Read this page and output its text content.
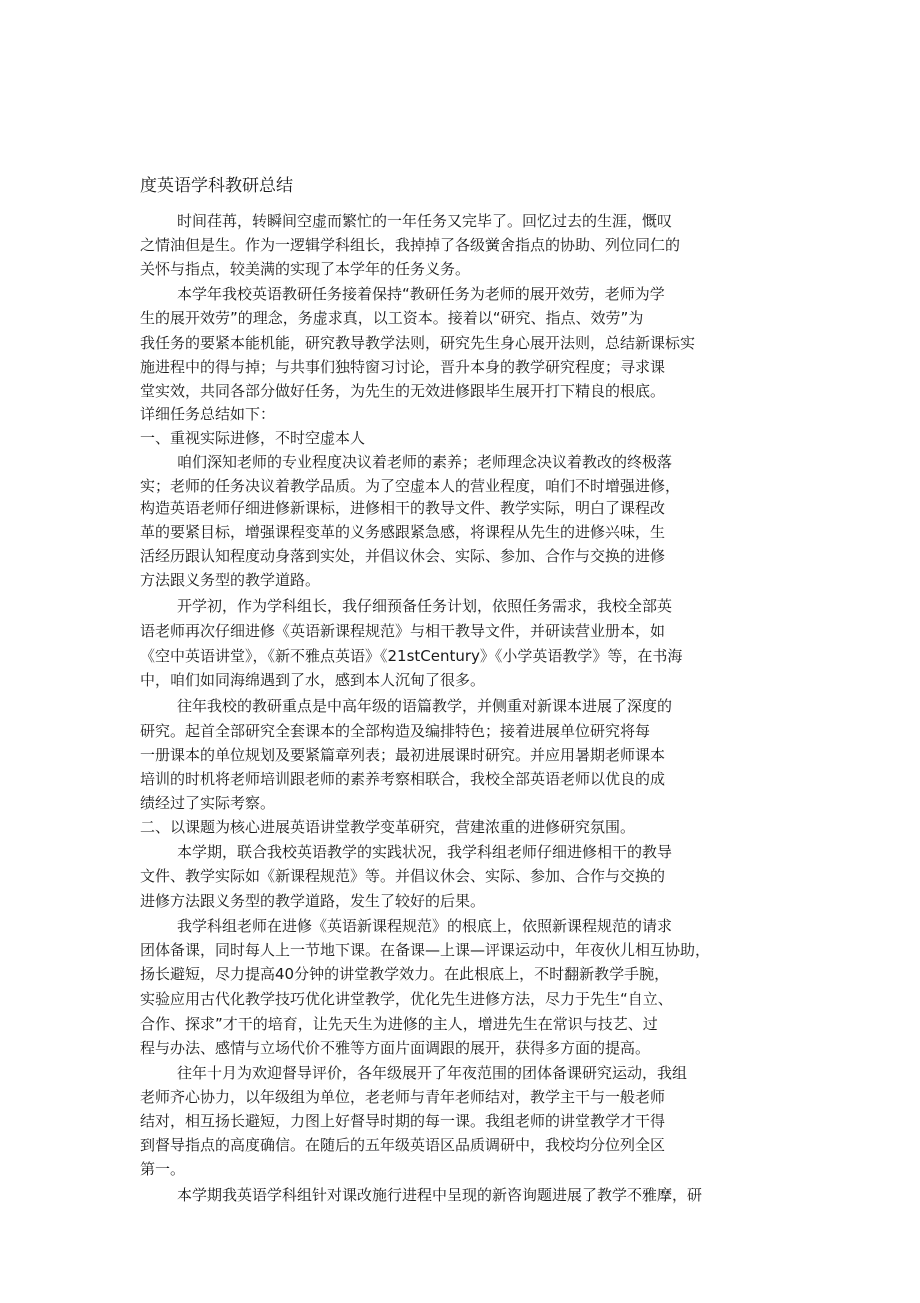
度英语学科教研总结
时间荏苒，转瞬间空虚而繁忙的一年任务又完毕了。回忆过去的生涯，慨叹
之情油但是生。作为一逻辑学科组长，我掉掉了各级黉舍指点的协助、列位同仁的
关怀与指点，较美满的实现了本学年的任务义务。
本学年我校英语教研任务接着保持“教研任务为老师的展开效劳，老师为学
生的展开效劳”的理念，务虚求真，以工资本。接着以“研究、指点、效劳”为
我任务的要紧本能机能，研究教导教学法则，研究先生身心展开法则，总结新课标实
施进程中的得与掉；与共事们独特窗习讨论，晋升本身的教学研究程度；寻求课
堂实效，共同各部分做好任务，为先生的无效进修跟毕生展开打下精良的根底。
详细任务总结如下：
一、重视实际进修，不时空虚本人
咱们深知老师的专业程度决议着老师的素养；老师理念决议着教改的终极落
实；老师的任务决议着教学品质。为了空虚本人的营业程度，咱们不时增强进修，
构造英语老师仔细进修新课标，进修相干的教导文件、教学实际，明白了课程改
革的要紧目标，增强课程变革的义务感跟紧急感，将课程从先生的进修兴味，生
活经历跟认知程度动身落到实处，并倡议休会、实际、参加、合作与交换的进修
方法跟义务型的教学道路。
开学初，作为学科组长，我仔细预备任务计划，依照任务需求，我校全部英
语老师再次仔细进修《英语新课程规范》与相干教导文件，并研读营业册本，如
《空中英语讲堂》，《新不雅点英语》《21stCentury》《小学英语教学》等，在书海
中，咱们如同海绵遇到了水，感到本人沉甸了很多。
往年我校的教研重点是中高年级的语篇教学，并侧重对新课本进展了深度的
研究。起首全部研究全套课本的全部构造及编排特色；接着进展单位研究将每
一册课本的单位规划及要紧篇章列表；最初进展课时研究。并应用暑期老师课本
培训的时机将老师培训跟老师的素养考察相联合，我校全部英语老师以优良的成
绩经过了实际考察。
二、以课题为核心进展英语讲堂教学变革研究，营建浓重的进修研究氛围。
本学期，联合我校英语教学的实践状况，我学科组老师仔细进修相干的教导
文件、教学实际如《新课程规范》等。并倡议休会、实际、参加、合作与交换的
进修方法跟义务型的教学道路，发生了较好的后果。
我学科组老师在进修《英语新课程规范》的根底上，依照新课程规范的请求
团体备课，同时每人上一节地下课。在备课—上课—评课运动中，年夜伙儿相互协助，
扬长避短，尽力提高40分钟的讲堂教学效力。在此根底上，不时翻新教学手腕，
实验应用古代化教学技巧优化讲堂教学，优化先生进修方法，尽力于先生“自立、
合作、探求”才干的培育，让先天生为进修的主人，增进先生在常识与技艺、过
程与办法、感情与立场代价不雅等方面片面调跟的展开，获得多方面的提高。
往年十月为欢迎督导评价，各年级展开了年夜范围的团体备课研究运动，我组
老师齐心协力，以年级组为单位，老老师与青年老师结对，教学主干与一般老师
结对，相互扬长避短，力图上好督导时期的每一课。我组老师的讲堂教学才干得
到督导指点的高度确信。在随后的五年级英语区品质调研中，我校均分位列全区
第一。
本学期我英语学科组针对课改施行进程中呈现的新咨询题进展了教学不雅摩，研
